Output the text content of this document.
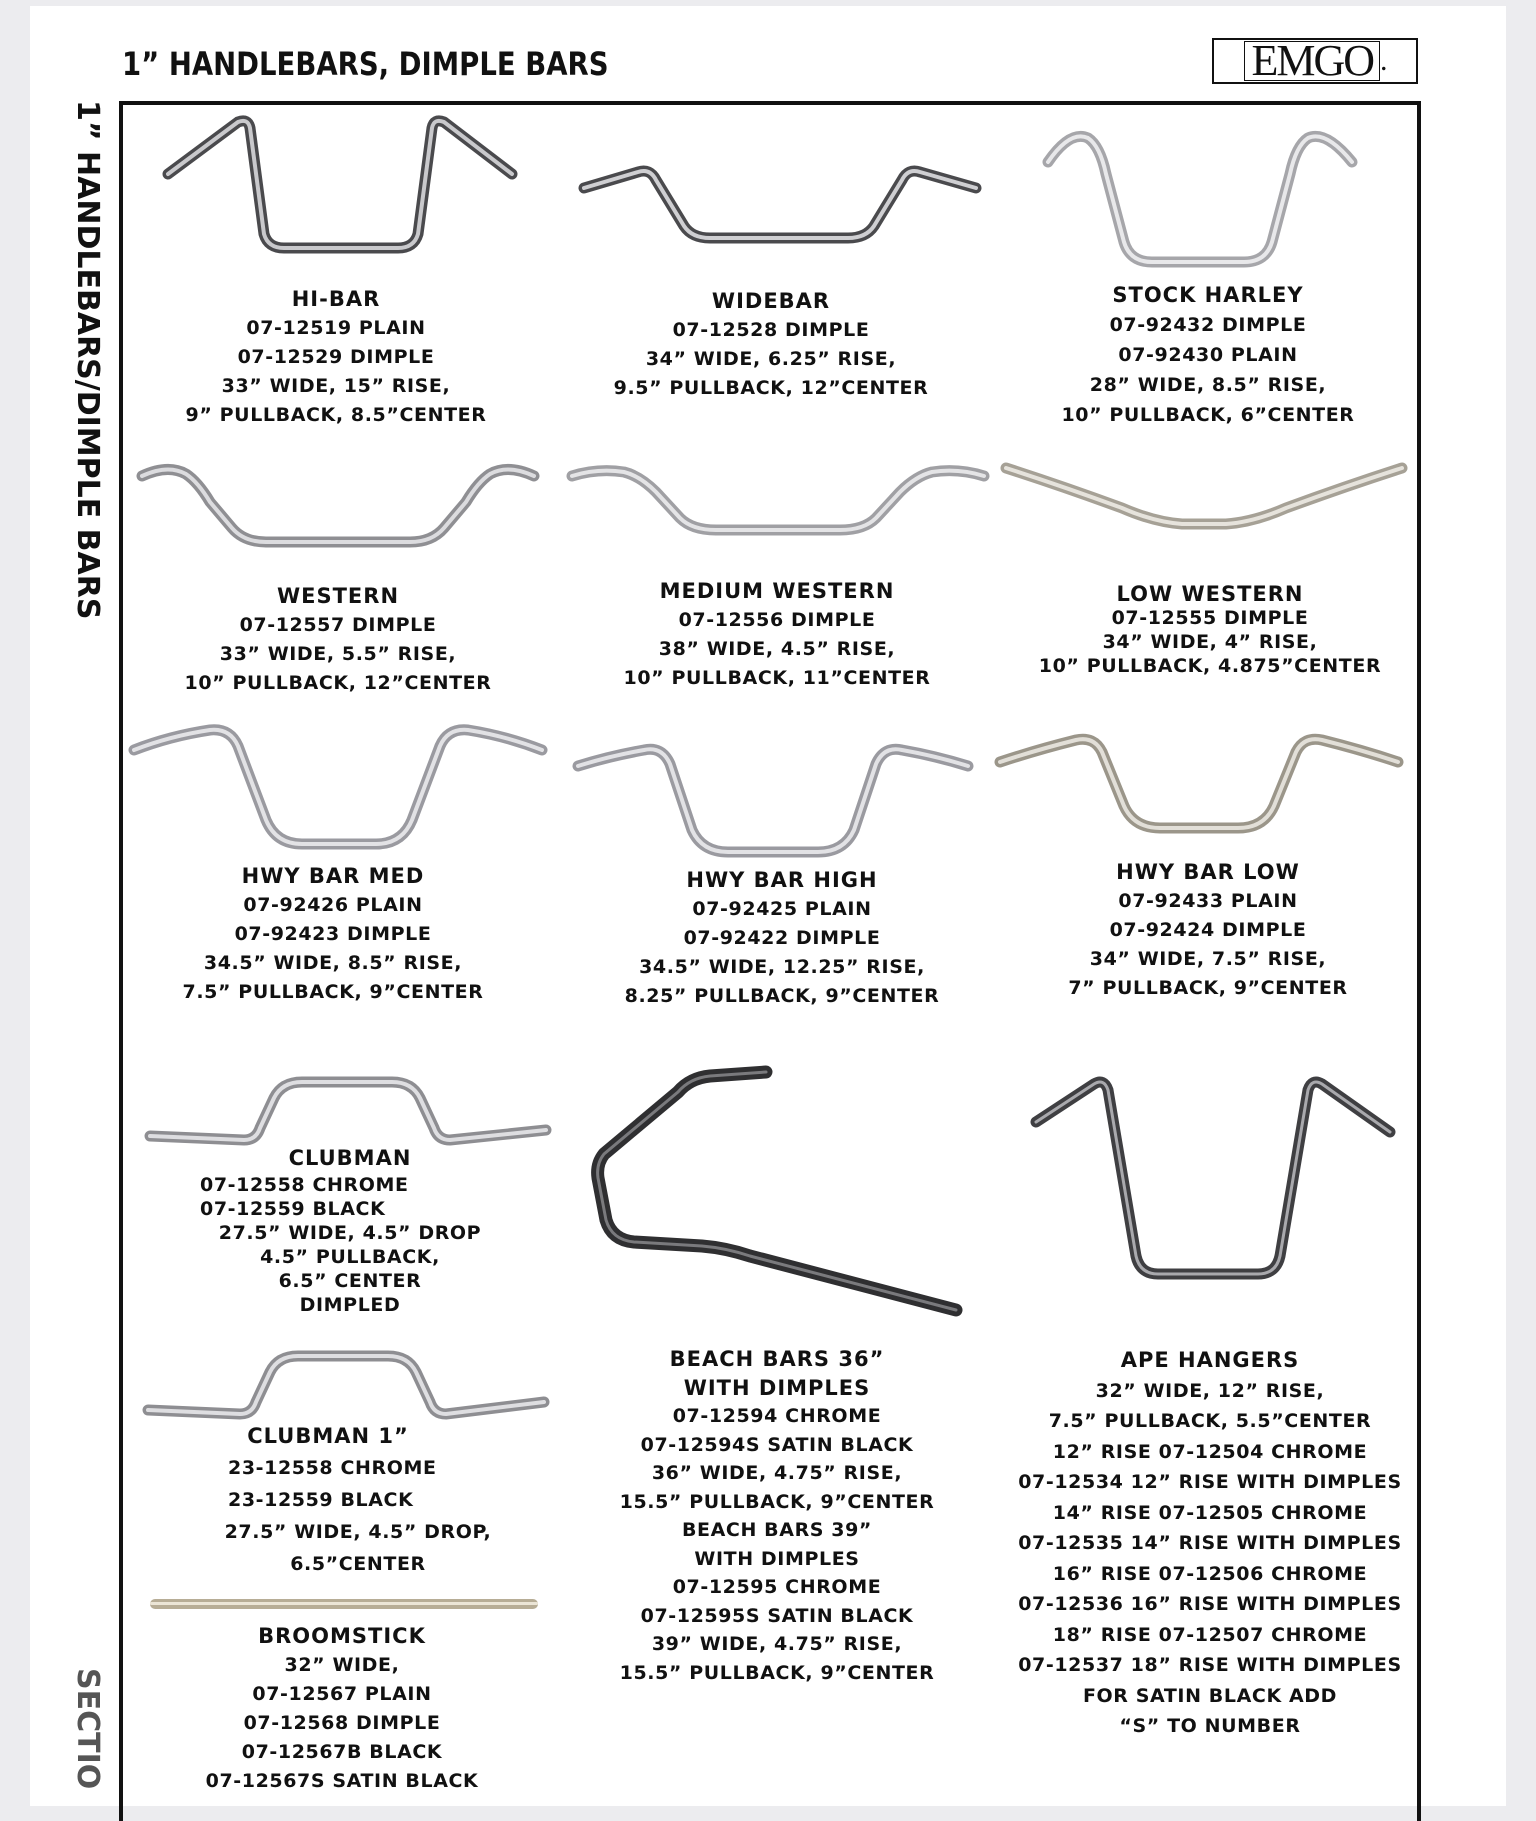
1” HANDLEBARS, DIMPLE BARS	EMGO .
1” HANDLEBARS/DIMPLE BARS
SECTIO
HI-BAR
07-12519 PLAIN
07-12529 DIMPLE
33” WIDE, 15” RISE,
9” PULLBACK, 8.5”CENTER
WIDEBAR
07-12528 DIMPLE
34” WIDE, 6.25” RISE,
9.5” PULLBACK, 12”CENTER
STOCK HARLEY
07-92432 DIMPLE
07-92430 PLAIN
28” WIDE, 8.5” RISE,
10” PULLBACK, 6”CENTER
WESTERN
07-12557 DIMPLE
33” WIDE, 5.5” RISE,
10” PULLBACK, 12”CENTER
MEDIUM WESTERN
07-12556 DIMPLE
38” WIDE, 4.5” RISE,
10” PULLBACK, 11”CENTER
LOW WESTERN
07-12555 DIMPLE
34” WIDE, 4” RISE,
10” PULLBACK, 4.875”CENTER
HWY BAR MED
07-92426 PLAIN
07-92423 DIMPLE
34.5” WIDE, 8.5” RISE,
7.5” PULLBACK, 9”CENTER
HWY BAR HIGH
07-92425 PLAIN
07-92422 DIMPLE
34.5” WIDE, 12.25” RISE,
8.25” PULLBACK, 9”CENTER
HWY BAR LOW
07-92433 PLAIN
07-92424 DIMPLE
34” WIDE, 7.5” RISE,
7” PULLBACK, 9”CENTER
CLUBMAN
07-12558 CHROME
07-12559 BLACK
27.5” WIDE, 4.5” DROP
4.5” PULLBACK,
6.5” CENTER
DIMPLED
CLUBMAN 1”
23-12558 CHROME
23-12559 BLACK
27.5” WIDE, 4.5” DROP,
6.5”CENTER
BROOMSTICK
32” WIDE,
07-12567 PLAIN
07-12568 DIMPLE
07-12567B BLACK
07-12567S SATIN BLACK
BEACH BARS 36”
WITH DIMPLES
07-12594 CHROME
07-12594S SATIN BLACK
36” WIDE, 4.75” RISE,
15.5” PULLBACK, 9”CENTER
BEACH BARS 39”
WITH DIMPLES
07-12595 CHROME
07-12595S SATIN BLACK
39” WIDE, 4.75” RISE,
15.5” PULLBACK, 9”CENTER
APE HANGERS
32” WIDE, 12” RISE,
7.5” PULLBACK, 5.5”CENTER
12” RISE 07-12504 CHROME
07-12534 12” RISE WITH DIMPLES
14” RISE 07-12505 CHROME
07-12535 14” RISE WITH DIMPLES
16” RISE 07-12506 CHROME
07-12536 16” RISE WITH DIMPLES
18” RISE 07-12507 CHROME
07-12537 18” RISE WITH DIMPLES
FOR SATIN BLACK ADD
“S” TO NUMBER
